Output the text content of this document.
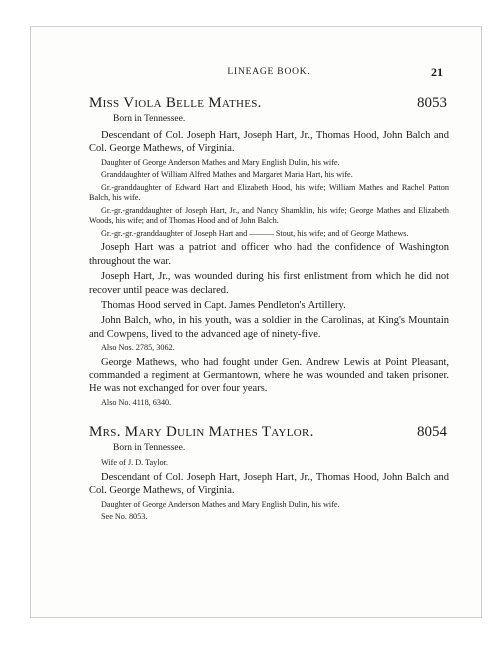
LINEAGE BOOK.	21
Miss Viola Belle Mathes.	8053
Born in Tennessee.

Descendant of Col. Joseph Hart, Joseph Hart, Jr., Thomas Hood, John Balch and Col. George Mathews, of Virginia.

Daughter of George Anderson Mathes and Mary English Dulin, his wife.

Granddaughter of William Alfred Mathes and Margaret Maria Hart, his wife.

Gr.-granddaughter of Edward Hart and Elizabeth Hood, his wife; William Mathes and Rachel Patton Balch, his wife.

Gr.-gr.-granddaughter of Joseph Hart, Jr., and Nancy Shamklin, his wife; George Mathes and Elizabeth Woods, his wife; and of Thomas Hood and of John Balch.

Gr.-gr.-gr.-granddaughter of Joseph Hart and ——— Stout, his wife; and of George Mathews.

Joseph Hart was a patriot and officer who had the confidence of Washington throughout the war.

Joseph Hart, Jr., was wounded during his first enlistment from which he did not recover until peace was declared.

Thomas Hood served in Capt. James Pendleton's Artillery.

John Balch, who, in his youth, was a soldier in the Carolinas, at King's Mountain and Cowpens, lived to the advanced age of ninety-five.

Also Nos. 2785, 3062.

George Mathews, who had fought under Gen. Andrew Lewis at Point Pleasant, commanded a regiment at Germantown, where he was wounded and taken prisoner. He was not exchanged for over four years.

Also No. 4118, 6340.

Mrs. Mary Dulin Mathes Taylor.	8054
Born in Tennessee.

Wife of J. D. Taylor.

Descendant of Col. Joseph Hart, Joseph Hart, Jr., Thomas Hood, John Balch and Col. George Mathews, of Virginia.

Daughter of George Anderson Mathes and Mary English Dulin, his wife.

See No. 8053.
